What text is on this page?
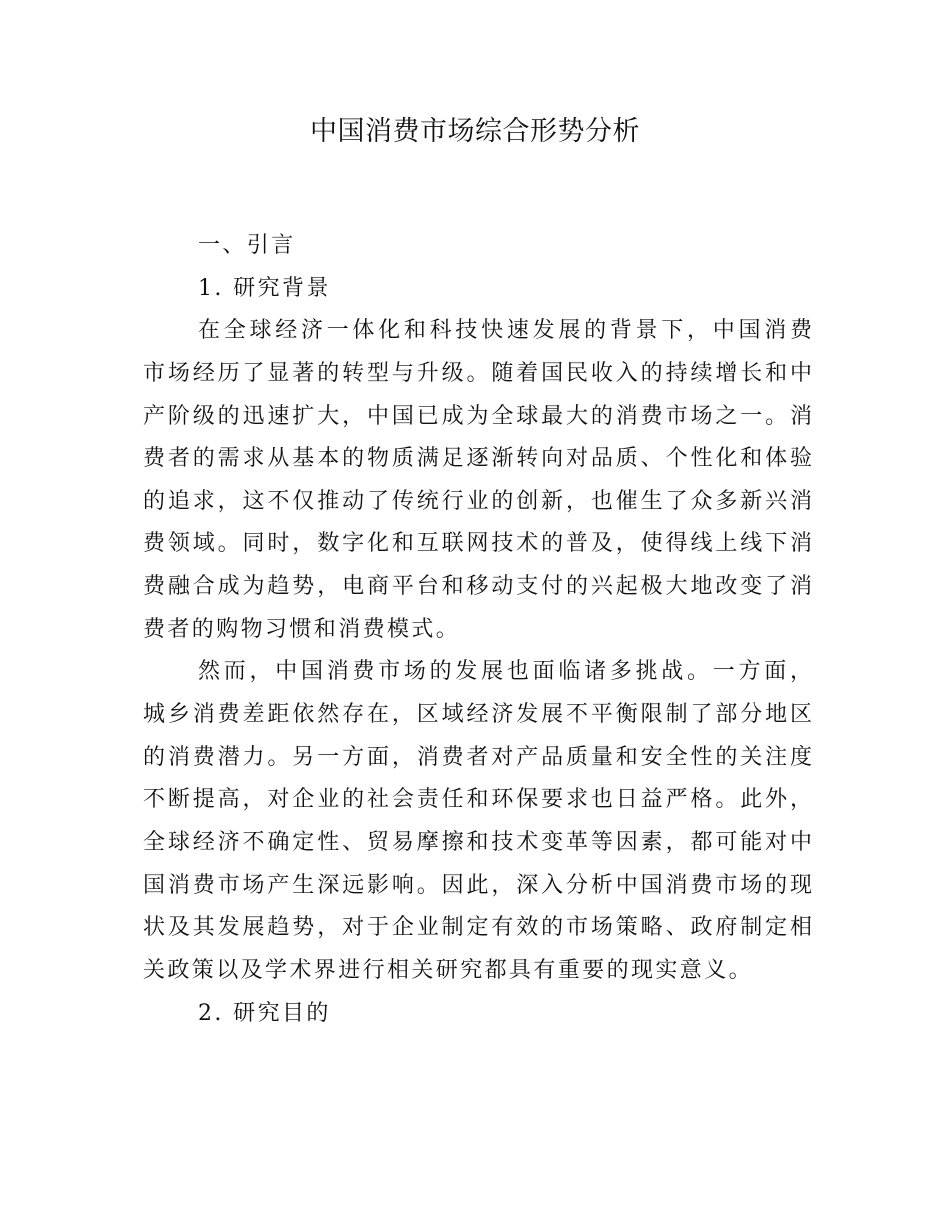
中国消费市场综合形势分析

一、引言

1. 研究背景

在全球经济一体化和科技快速发展的背景下，中国消费

市场经历了显著的转型与升级。随着国民收入的持续增长和中

产阶级的迅速扩大，中国已成为全球最大的消费市场之一。消

费者的需求从基本的物质满足逐渐转向对品质、个性化和体验

的追求，这不仅推动了传统行业的创新，也催生了众多新兴消

费领域。同时，数字化和互联网技术的普及，使得线上线下消

费融合成为趋势，电商平台和移动支付的兴起极大地改变了消

费者的购物习惯和消费模式。

然而，中国消费市场的发展也面临诸多挑战。一方面，

城乡消费差距依然存在，区域经济发展不平衡限制了部分地区

的消费潜力。另一方面，消费者对产品质量和安全性的关注度

不断提高，对企业的社会责任和环保要求也日益严格。此外，

全球经济不确定性、贸易摩擦和技术变革等因素，都可能对中

国消费市场产生深远影响。因此，深入分析中国消费市场的现

状及其发展趋势，对于企业制定有效的市场策略、政府制定相

关政策以及学术界进行相关研究都具有重要的现实意义。

2. 研究目的
